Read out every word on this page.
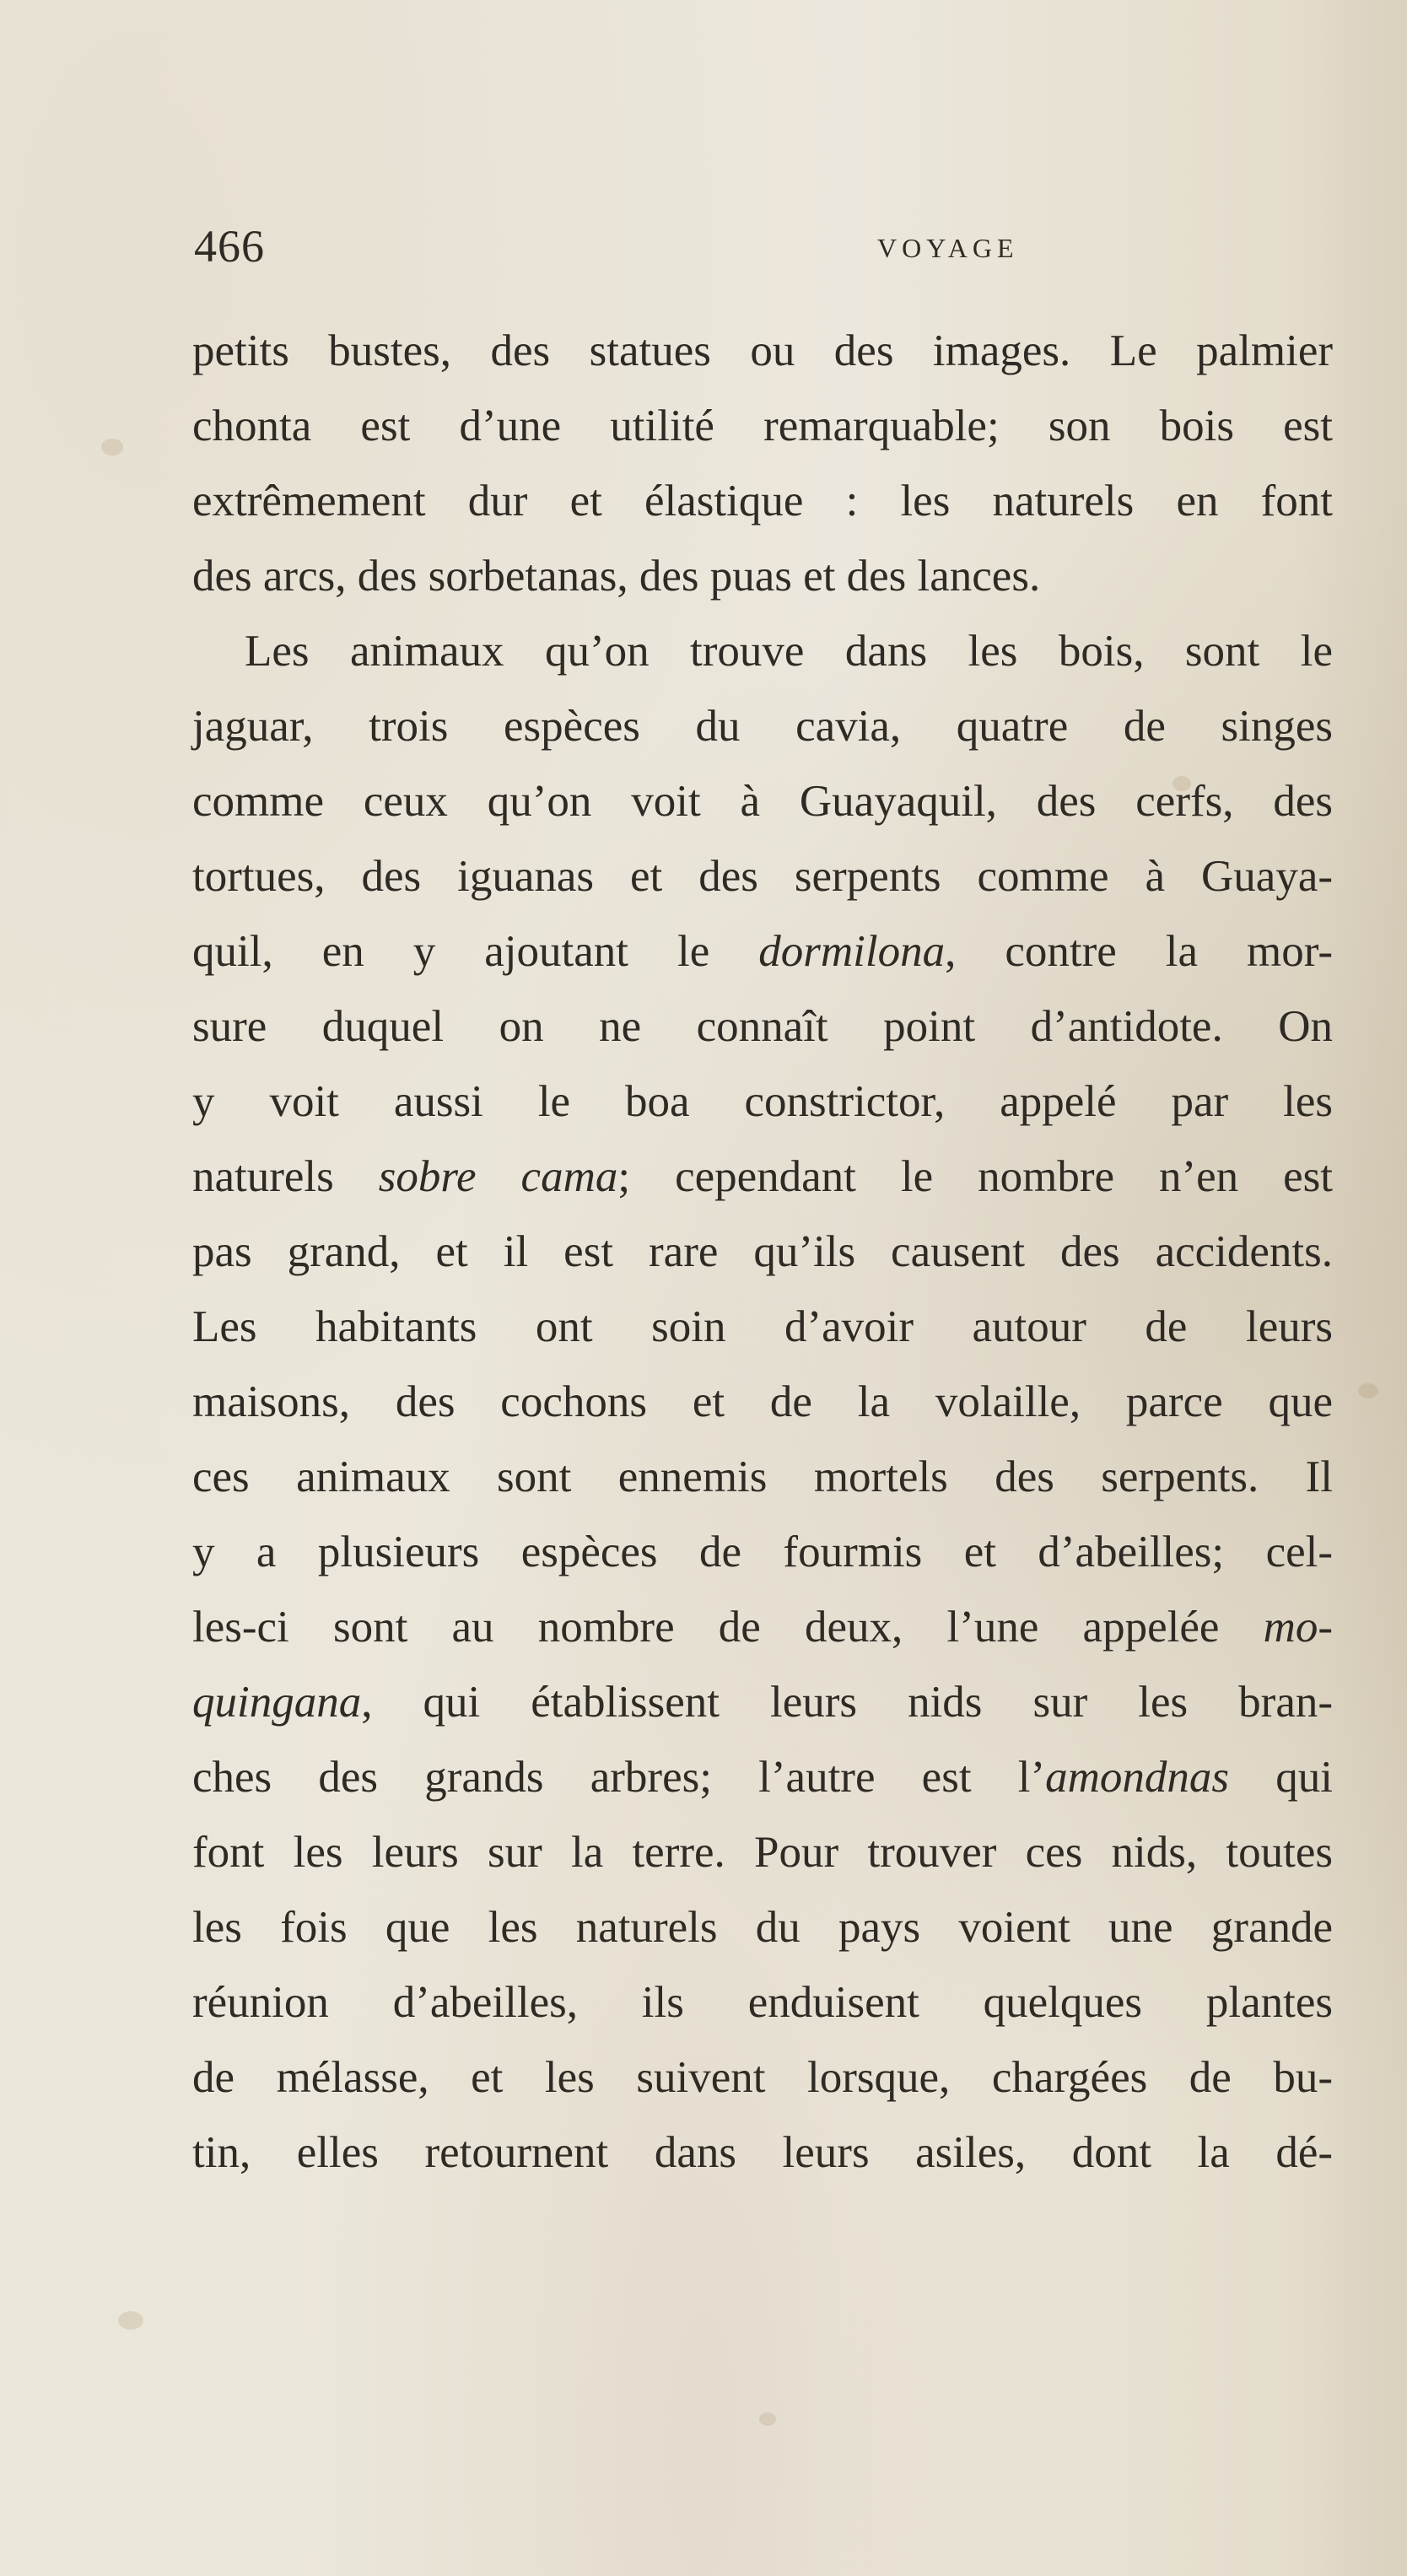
466	VOYAGE
petits bustes, des statues ou des images. Le palmier
chonta est d’une utilité remarquable; son bois est
extrêmement dur et élastique : les naturels en font
des arcs, des sorbetanas, des puas et des lances.
Les animaux qu’on trouve dans les bois, sont le
jaguar, trois espèces du cavia, quatre de singes
comme ceux qu’on voit à Guayaquil, des cerfs, des
tortues, des iguanas et des serpents comme à Guaya-
quil, en y ajoutant le dormilona, contre la mor-
sure duquel on ne connaît point d’antidote. On
y voit aussi le boa constrictor, appelé par les
naturels sobre cama; cependant le nombre n’en est
pas grand, et il est rare qu’ils causent des accidents.
Les habitants ont soin d’avoir autour de leurs
maisons, des cochons et de la volaille, parce que
ces animaux sont ennemis mortels des serpents. Il
y a plusieurs espèces de fourmis et d’abeilles; cel-
les-ci sont au nombre de deux, l’une appelée mo-
quingana, qui établissent leurs nids sur les bran-
ches des grands arbres; l’autre est l’amondnas qui
font les leurs sur la terre. Pour trouver ces nids, toutes
les fois que les naturels du pays voient une grande
réunion d’abeilles, ils enduisent quelques plantes
de mélasse, et les suivent lorsque, chargées de bu-
tin, elles retournent dans leurs asiles, dont la dé-
